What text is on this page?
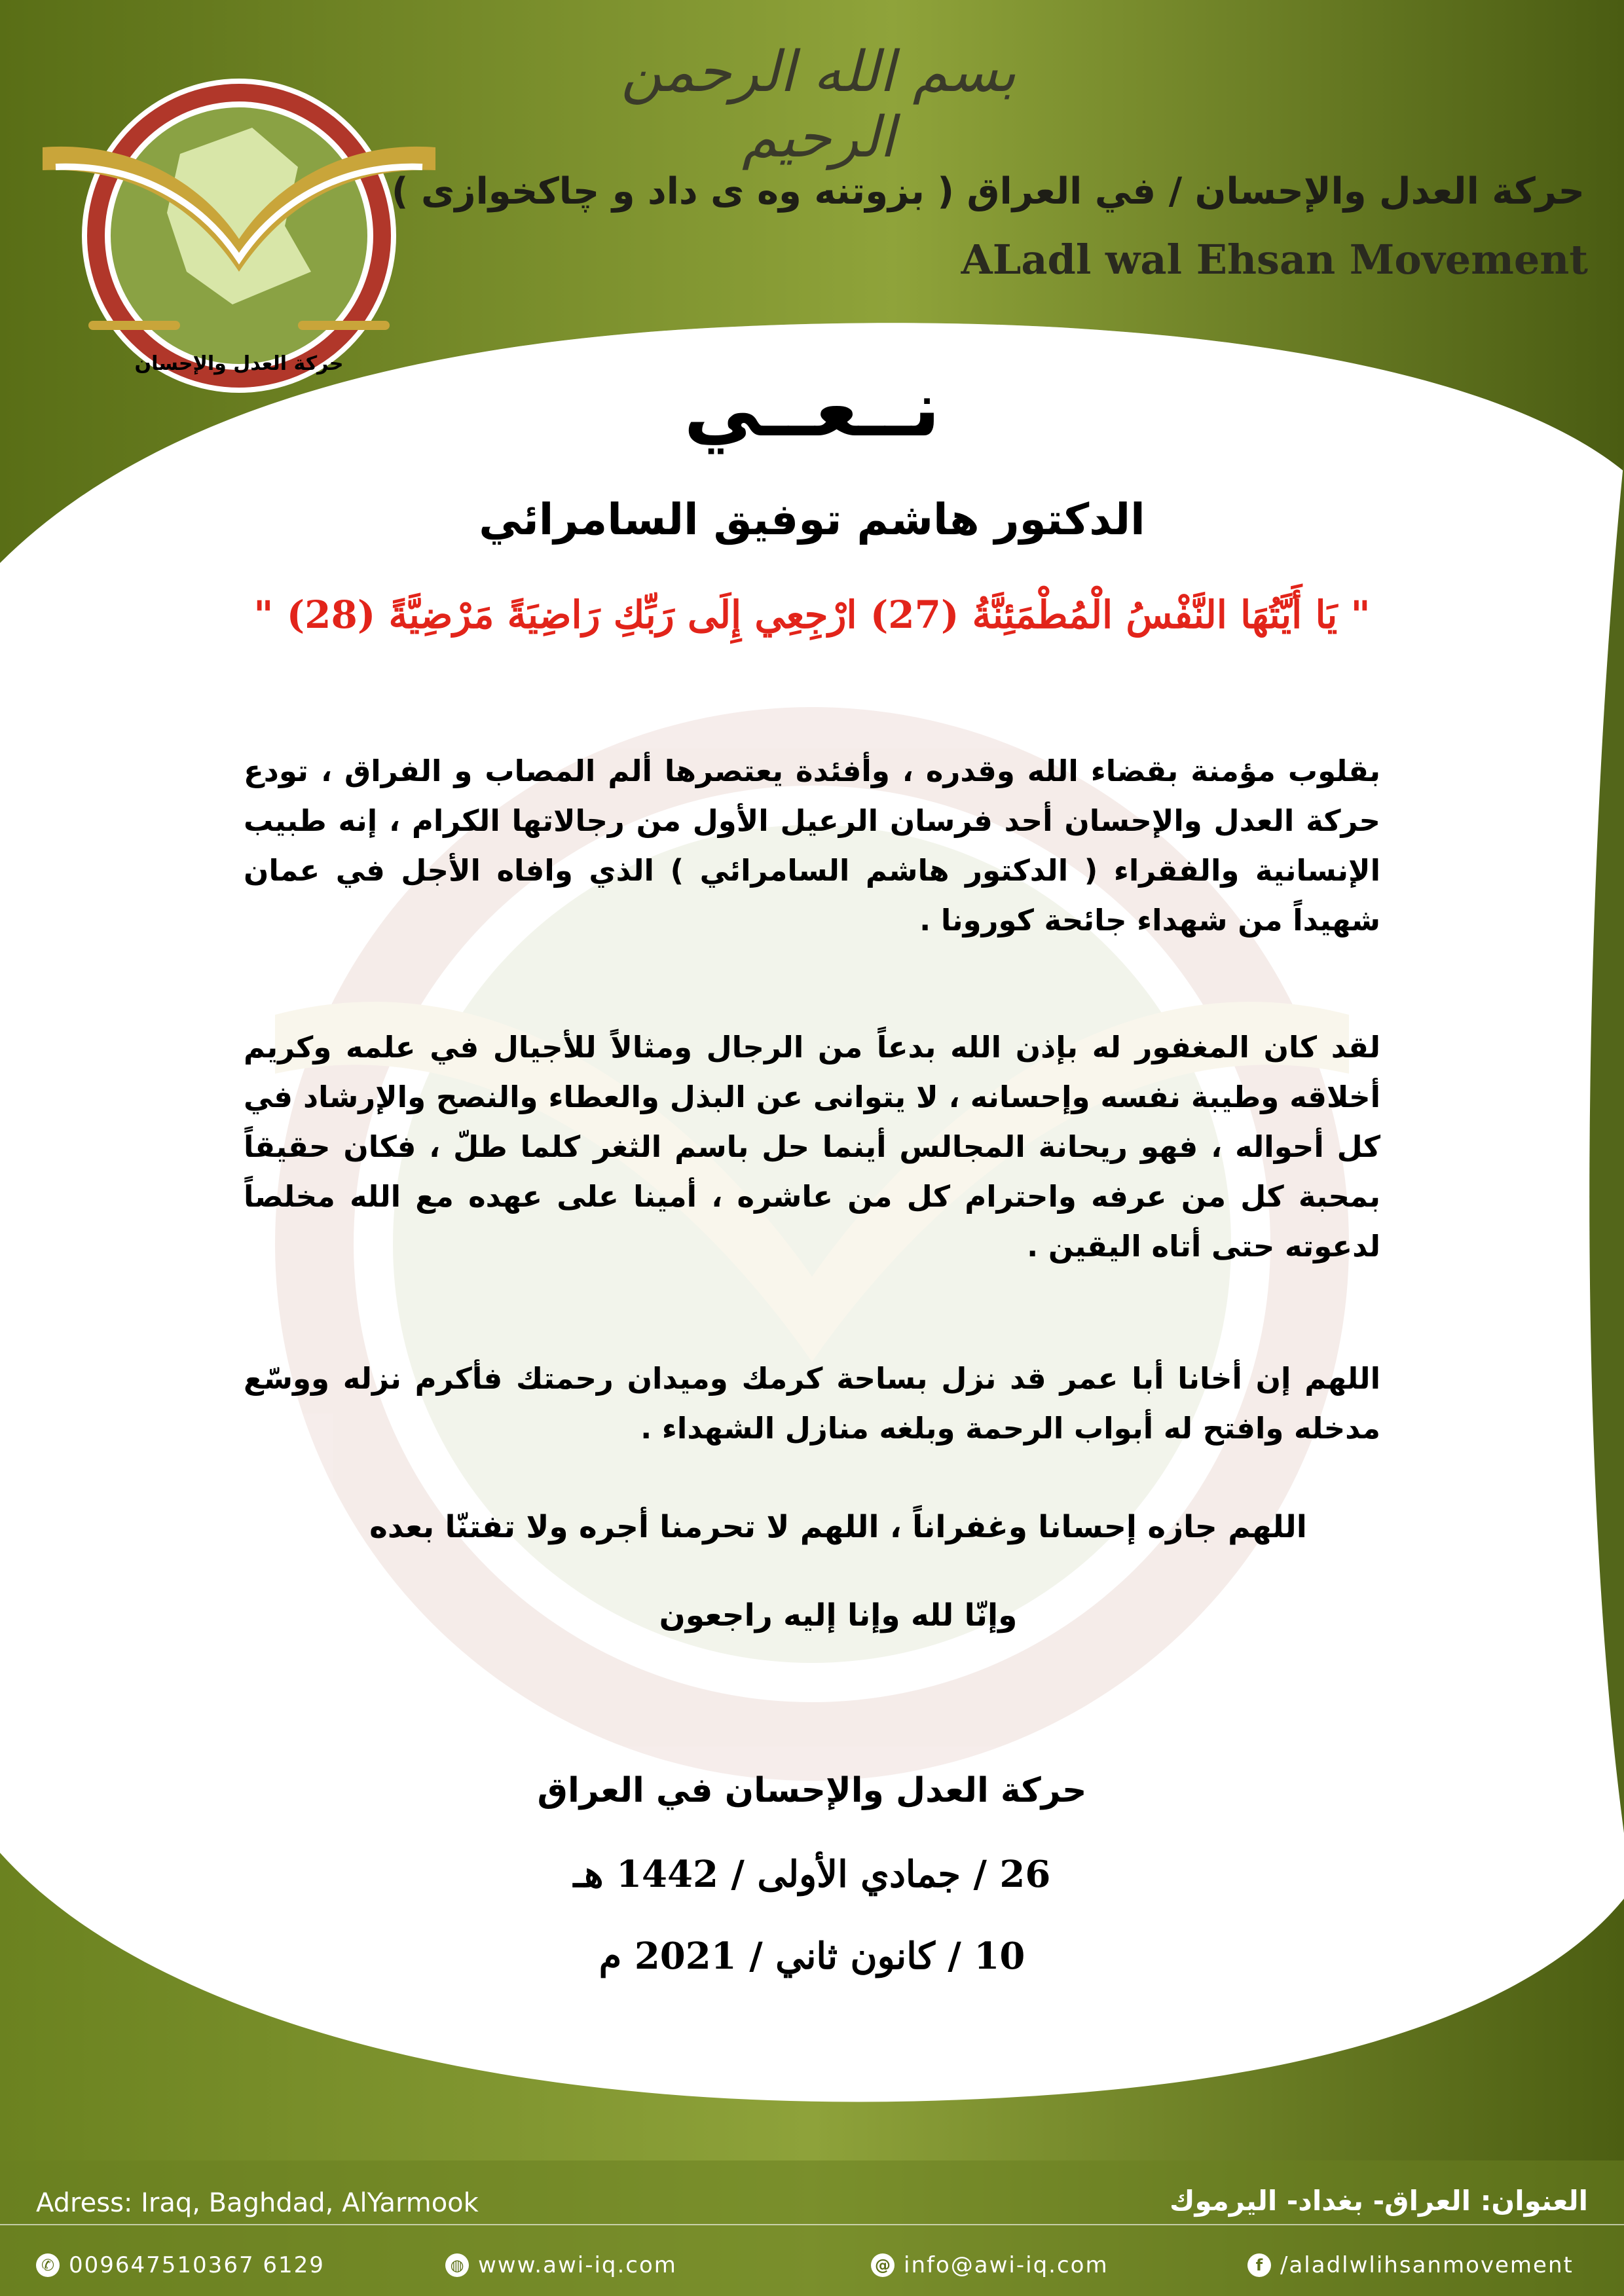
حركة العدل والإحسان
بسم الله الرحمن الرحيم
حركة العدل والإحسان / في العراق ( بزوتنه وه ى داد و چاكخوازى )
ALadl wal Ehsan Movement
نــعــي
الدكتور هاشم توفيق السامرائي
" يَا أَيَّتُهَا النَّفْسُ الْمُطْمَئِنَّةُ (27) ارْجِعِي إِلَى رَبِّكِ رَاضِيَةً مَرْضِيَّةً (28) "
بقلوب مؤمنة بقضاء الله وقدره ، وأفئدة يعتصرها ألم المصاب و الفراق ، تودع حركة العدل والإحسان أحد فرسان الرعيل الأول من رجالاتها الكرام ، إنه طبيب الإنسانية والفقراء ( الدكتور هاشم السامرائي ) الذي وافاه الأجل في عمان شهيداً من شهداء جائحة كورونا .
لقد كان المغفور له بإذن الله بدعاً من الرجال ومثالاً للأجيال في علمه وكريم أخلاقه وطيبة نفسه وإحسانه ، لا يتوانى عن البذل والعطاء والنصح والإرشاد في كل أحواله ، فهو ريحانة المجالس أينما حل باسم الثغر كلما طلّ ، فكان حقيقاً بمحبة كل من عرفه واحترام كل من عاشره ، أمينا على عهده مع الله مخلصاً لدعوته حتى أتاه اليقين .
اللهم إن أخانا أبا عمر قد نزل بساحة كرمك وميدان رحمتك فأكرم نزله ووسّع مدخله وافتح له أبواب الرحمة وبلغه منازل الشهداء .
اللهم جازه إحسانا وغفراناً ، اللهم لا تحرمنا أجره ولا تفتنّا بعده
وإنّا لله وإنا إليه راجعون
حركة العدل والإحسان في العراق
26 / جمادي الأولى / 1442 هـ
10 / كانون ثاني / 2021 م
Adress: Iraq, Baghdad, AlYarmook	العنوان: العراق- بغداد- اليرموك
✆ 009647510367 6129	◍ www.awi-iq.com	@ info@awi-iq.com	f /aladlwlihsanmovement
